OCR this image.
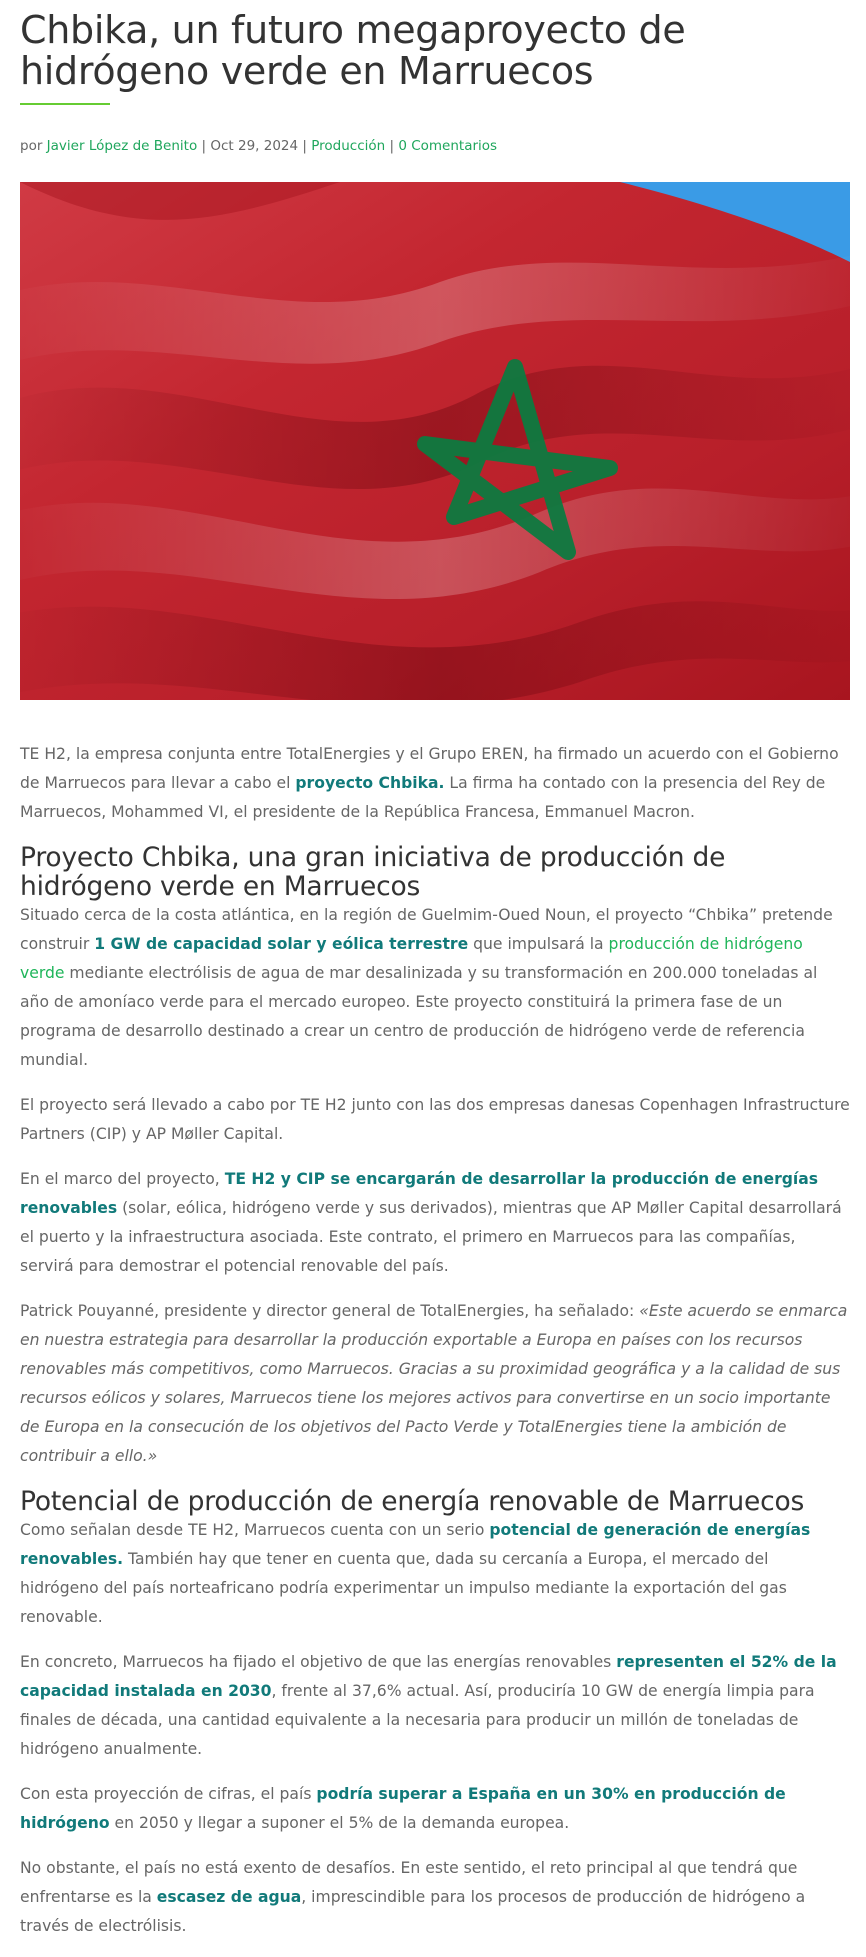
Chbika, un futuro megaproyecto de hidrógeno verde en Marruecos
por Javier López de Benito | Oct 29, 2024 | Producción | 0 Comentarios

TE H2, la empresa conjunta entre TotalEnergies y el Grupo EREN, ha firmado un acuerdo con el Gobierno de Marruecos para llevar a cabo el proyecto Chbika. La firma ha contado con la presencia del Rey de Marruecos, Mohammed VI, el presidente de la República Francesa, Emmanuel Macron.

Proyecto Chbika, una gran iniciativa de producción de hidrógeno verde en Marruecos

Situado cerca de la costa atlántica, en la región de Guelmim-Oued Noun, el proyecto “Chbika” pretende construir 1 GW de capacidad solar y eólica terrestre que impulsará la producción de hidrógeno verde mediante electrólisis de agua de mar desalinizada y su transformación en 200.000 toneladas al año de amoníaco verde para el mercado europeo. Este proyecto constituirá la primera fase de un programa de desarrollo destinado a crear un centro de producción de hidrógeno verde de referencia mundial.

El proyecto será llevado a cabo por TE H2 junto con las dos empresas danesas Copenhagen Infrastructure Partners (CIP) y AP Møller Capital.

En el marco del proyecto, TE H2 y CIP se encargarán de desarrollar la producción de energías renovables (solar, eólica, hidrógeno verde y sus derivados), mientras que AP Møller Capital desarrollará el puerto y la infraestructura asociada. Este contrato, el primero en Marruecos para las compañías, servirá para demostrar el potencial renovable del país.

Patrick Pouyanné, presidente y director general de TotalEnergies, ha señalado: «Este acuerdo se enmarca en nuestra estrategia para desarrollar la producción exportable a Europa en países con los recursos renovables más competitivos, como Marruecos. Gracias a su proximidad geográfica y a la calidad de sus recursos eólicos y solares, Marruecos tiene los mejores activos para convertirse en un socio importante de Europa en la consecución de los objetivos del Pacto Verde y TotalEnergies tiene la ambición de contribuir a ello.»

Potencial de producción de energía renovable de Marruecos

Como señalan desde TE H2, Marruecos cuenta con un serio potencial de generación de energías renovables. También hay que tener en cuenta que, dada su cercanía a Europa, el mercado del hidrógeno del país norteafricano podría experimentar un impulso mediante la exportación del gas renovable.

En concreto, Marruecos ha fijado el objetivo de que las energías renovables representen el 52% de la capacidad instalada en 2030, frente al 37,6% actual. Así, produciría 10 GW de energía limpia para finales de década, una cantidad equivalente a la necesaria para producir un millón de toneladas de hidrógeno anualmente.

Con esta proyección de cifras, el país podría superar a España en un 30% en producción de hidrógeno en 2050 y llegar a suponer el 5% de la demanda europea.

No obstante, el país no está exento de desafíos. En este sentido, el reto principal al que tendrá que enfrentarse es la escasez de agua, imprescindible para los procesos de producción de hidrógeno a través de electrólisis.
